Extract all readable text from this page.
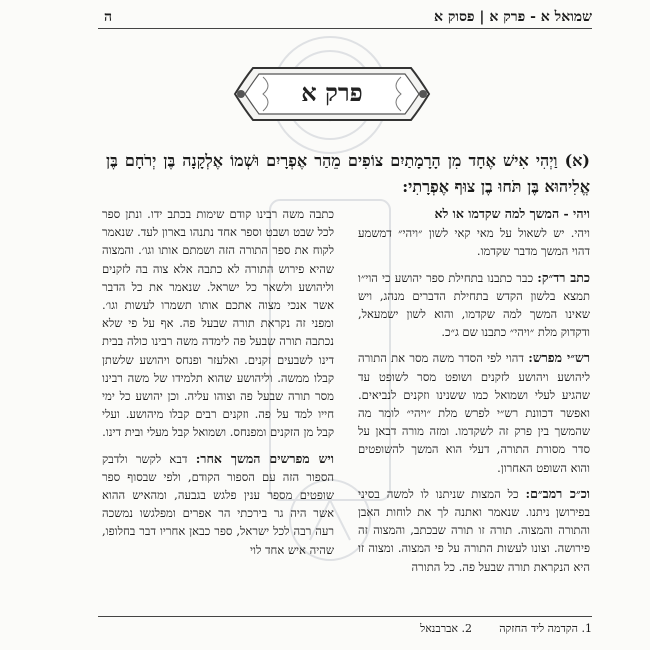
שמואל א - פרק א | פסוק א
ה
פרק א
(א) וַיְהִי אִישׁ אֶחָד מִן הָרָמָתַיִם צוֹפִים מֵהַר אֶפְרָיִם וּשְׁמוֹ אֶלְקָנָה בֶּן יְרֹחָם בֶּן אֱלִיהוּא בֶּן תֹּחוּ בֶן צוּף אֶפְרָתִי:

ויהי - המשך למה שקדמו או לא
ויהי. יש לשאול על מאי קאי לשון ״ויהי״ דמשמע דהוי המשך מדבר שקדמו.

כתב רד״ק: כבר כתבנו בתחילת ספר יהושע כי הוי״ו תמצא בלשון הקדש בתחילת הדברים מנהג, ויש שאינו המשך למה שקדמו, והוא לשון ישמעאל, ודקדוק מלת ״ויהי״ כתבנו שם ג״כ.

רש״י מפרש: דהוי לפי הסדר משה מסר את התורה ליהושע ויהושע לזקנים ושופט מסר לשופט עד שהגיע לעלי ושמואל כמו ששנינו וזקנים לנביאים. ואפשר דכוונת רש״י לפרש מלת ״ויהי״ לומר מה שהמשך בין פרק זה לשקדמו. ומזה מורה דבאן על סדר מסורת התורה, דעלי הוא המשך להשופטים והוא השופט האחרון.

וכ״כ רמב״ם: כל המצות שניתנו לו למשה בסיני בפירושן ניתנו. שנאמר ואתנה לך את לוחות האבן והתורה והמצוה. תורה זו תורה שבכתב, והמצוה זה פירושה. וצונו לעשות התורה על פי המצוה. ומצוה זו היא הנקראת תורה שבעל פה. כל התורה

כתבה משה רבינו קודם שימות בכתב ידו. ונתן ספר לכל שבט ושבט וספר אחד נתנהו בארון לעד. שנאמר לקוח את ספר התורה הזה ושמתם אותו וגו׳. והמצוה שהיא פירוש התורה לא כתבה אלא צוה בה לזקנים וליהושע ולשאר כל ישראל. שנאמר את כל הדבר אשר אנכי מצוה אתכם אותו תשמרו לעשות וגו׳. ומפני זה נקראת תורה שבעל פה. אף על פי שלא נכתבה תורה שבעל פה לימדה משה רבינו כולה בבית דינו לשבעים זקנים. ואלעזר ופנחס ויהושע שלשתן קבלו ממשה. וליהושע שהוא תלמידו של משה רבינו מסר תורה שבעל פה וצוהו עליה. וכן יהושע כל ימי חייו למד על פה. וזקנים רבים קבלו מיהושע. ועלי קבל מן הזקנים ומפנחס. ושמואל קבל מעלי ובית דינו.

ויש מפרשים המשך אחר: דבא לקשר ולדבק הספור הזה עם הספור הקודם, ולפי שבסוף ספר שופטים מספר ענין פלגש בגבעה, ומהאיש ההוא אשר היה גר בירכתי הר אפרים ומפלגשו נמשכה רעה רבה לכל ישראל, ספר כבאן אחריו דבר בחלופו, שהיה איש אחד לוי

1. הקדמה ליד החזקה
2. אברבנאל
